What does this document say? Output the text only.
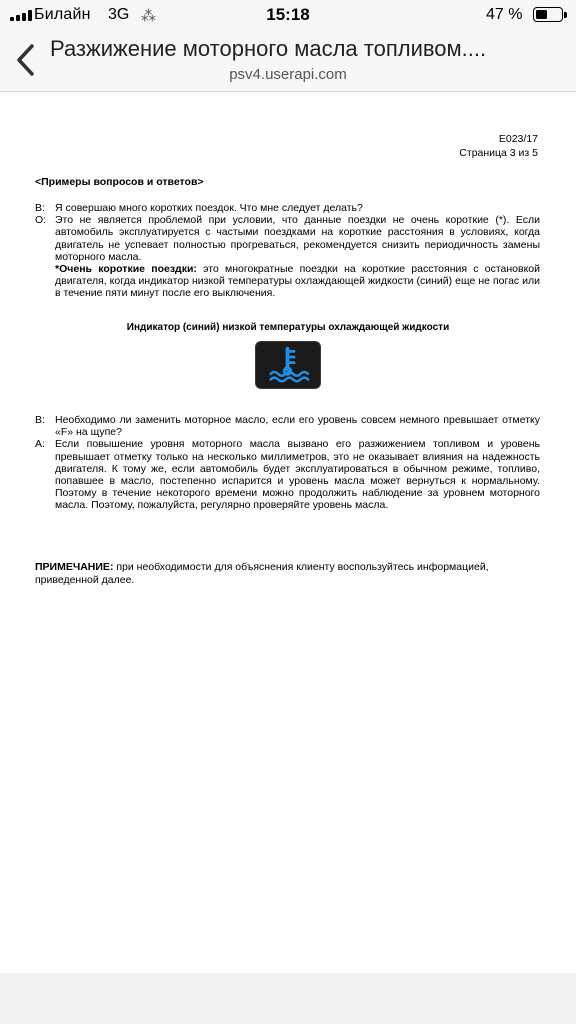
Билайн 3G ⁂	15:18	47 %
Разжижение моторного масла топливом....
psv4.userapi.com
E023/17
Страница 3 из 5
<Примеры вопросов и ответов>
В: Я совершаю много коротких поездок. Что мне следует делать?
О: Это не является проблемой при условии, что данные поездки не очень короткие (*). Если автомобиль эксплуатируется с частыми поездками на короткие расстояния в условиях, когда двигатель не успевает полностью прогреваться, рекомендуется снизить периодичность замены моторного масла.
*Очень короткие поездки: это многократные поездки на короткие расстояния с остановкой двигателя, когда индикатор низкой температуры охлаждающей жидкости (синий) еще не погас или в течение пяти минут после его выключения.
Индикатор (синий) низкой температуры охлаждающей жидкости
В: Необходимо ли заменить моторное масло, если его уровень совсем немного превышает отметку «F» на щупе?
А: Если повышение уровня моторного масла вызвано его разжижением топливом и уровень превышает отметку только на несколько миллиметров, это не оказывает влияния на надежность двигателя. К тому же, если автомобиль будет эксплуатироваться в обычном режиме, топливо, попавшее в масло, постепенно испарится и уровень масла может вернуться к нормальному. Поэтому в течение некоторого времени можно продолжить наблюдение за уровнем моторного масла. Поэтому, пожалуйста, регулярно проверяйте уровень масла.
ПРИМЕЧАНИЕ: при необходимости для объяснения клиенту воспользуйтесь информацией, приведенной далее.
